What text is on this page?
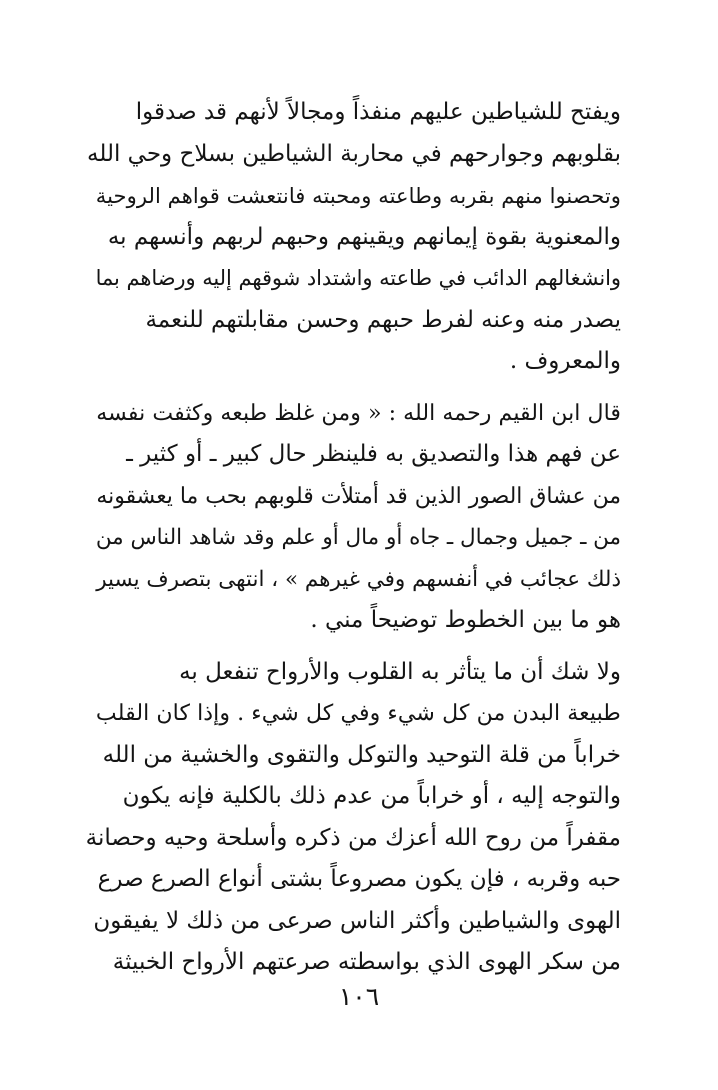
ويفتح للشياطين عليهم منفذاً ومجالاً لأنهم قد صدقوا
بقلوبهم وجوارحهم في محاربة الشياطين بسلاح وحي الله
وتحصنوا منهم بقربه وطاعته ومحبته فانتعشت قواهم الروحية
والمعنوية بقوة إيمانهم ويقينهم وحبهم لربهم وأنسهم به
وانشغالهم الدائب في طاعته واشتداد شوقهم إليه ورضاهم بما
يصدر منه وعنه لفرط حبهم وحسن مقابلتهم للنعمة
والمعروف .

قال ابن القيم رحمه الله : « ومن غلظ طبعه وكثفت نفسه
عن فهم هذا والتصديق به فلينظر حال كبير ـ أو كثير ـ
من عشاق الصور الذين قد أمتلأت قلوبهم بحب ما يعشقونه
من ـ جميل وجمال ـ جاه أو مال أو علم وقد شاهد الناس من
ذلك عجائب في أنفسهم وفي غيرهم » ، انتهى بتصرف يسير
هو ما بين الخطوط توضيحاً مني .

ولا شك أن ما يتأثر به القلوب والأرواح تنفعل به
طبيعة البدن من كل شيء وفي كل شيء . وإذا كان القلب
خراباً من قلة التوحيد والتوكل والتقوى والخشية من الله
والتوجه إليه ، أو خراباً من عدم ذلك بالكلية فإنه يكون
مقفراً من روح الله أعزك من ذكره وأسلحة وحيه وحصانة
حبه وقربه ، فإن يكون مصروعاً بشتى أنواع الصرع صرع
الهوى والشياطين وأكثر الناس صرعى من ذلك لا يفيقون
من سكر الهوى الذي بواسطته صرعتهم الأرواح الخبيثة

١٠٦
